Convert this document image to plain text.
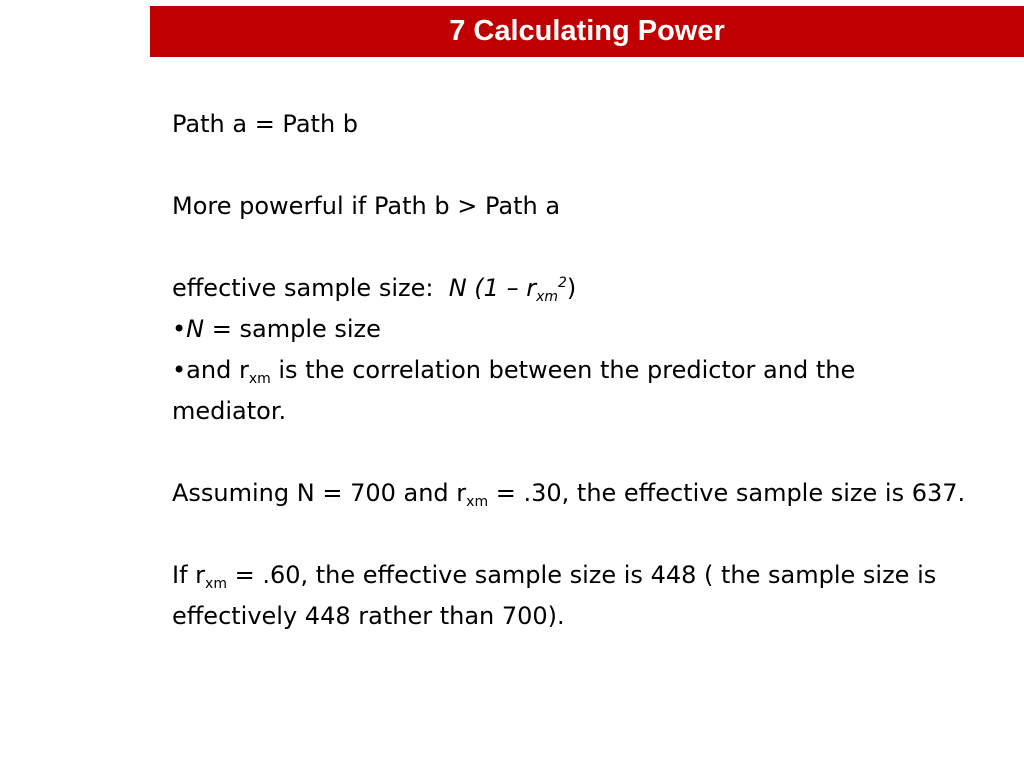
7 Calculating Power

Path a = Path b

More powerful if Path b > Path a

effective sample size: N $(1 - r_{xm}^2)$

•N = sample size

•and $r_{xm}$ is the correlation between the predictor and the mediator.

Assuming N = 700 and $r_{xm} = .30$, the effective sample size is 637.

If $r_{xm} = .60$, the effective sample size is 448 ( the sample size is effectively 448 rather than 700).
